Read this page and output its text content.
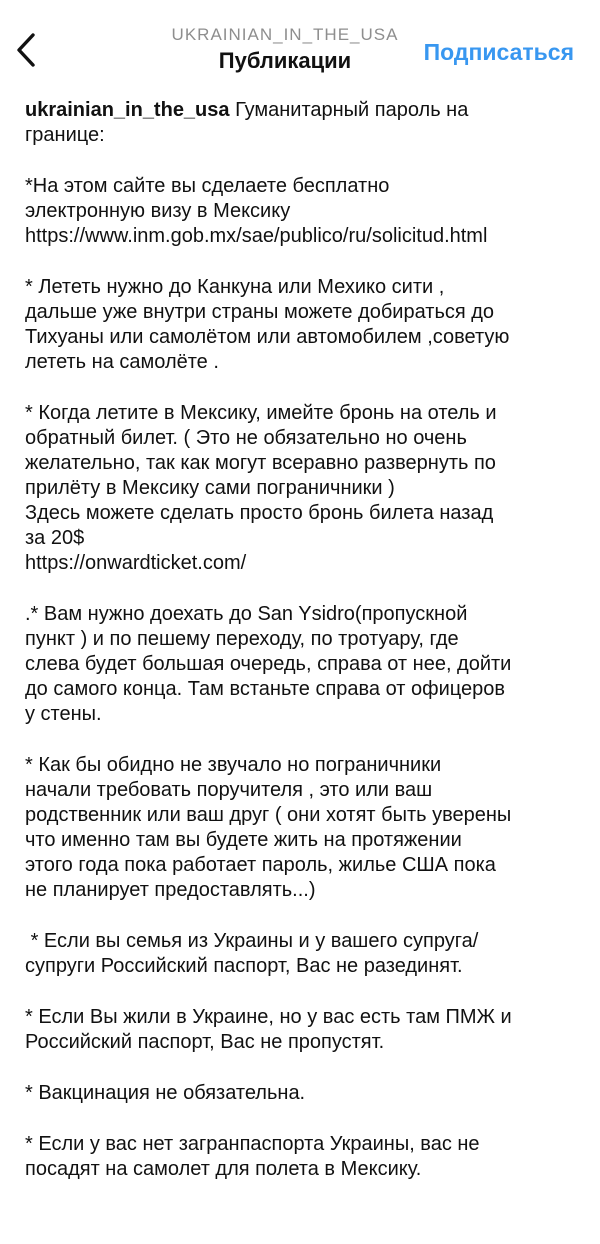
UKRAINIAN_IN_THE_USA
Публикации	Подписаться

ukrainian_in_the_usa Гуманитарный пароль на
границе:

*На этом сайте вы сделаете бесплатно
электронную визу в Мексику
https://www.inm.gob.mx/sae/publico/ru/solicitud.html

* Лететь нужно до Канкуна или Мехико сити ,
дальше уже внутри страны можете добираться до
Тихуаны или самолётом или автомобилем ,советую
лететь на самолёте .

* Когда летите в Мексику, имейте бронь на отель и
обратный билет. ( Это не обязательно но очень
желательно, так как могут всеравно развернуть по
прилёту в Мексику сами пограничники )
Здесь можете сделать просто бронь билета назад
за 20$
https://onwardticket.com/

.* Вам нужно доехать до San Ysidro(пропускной
пункт ) и по пешему переходу, по тротуару, где
слева будет большая очередь, справа от нее, дойти
до самого конца. Там встаньте справа от офицеров
у стены.

* Как бы обидно не звучало но пограничники
начали требовать поручителя , это или ваш
родственник или ваш друг ( они хотят быть уверены
что именно там вы будете жить на протяжении
этого года пока работает пароль, жилье США пока
не планирует предоставлять...)

* Если вы семья из Украины и у вашего супруга/
супруги Российский паспорт, Вас не разединят.

* Если Вы жили в Украине, но у вас есть там ПМЖ и
Российский паспорт, Вас не пропустят.

* Вакцинация не обязательна.

* Если у вас нет загранпаспорта Украины, вас не
посадят на самолет для полета в Мексику.
